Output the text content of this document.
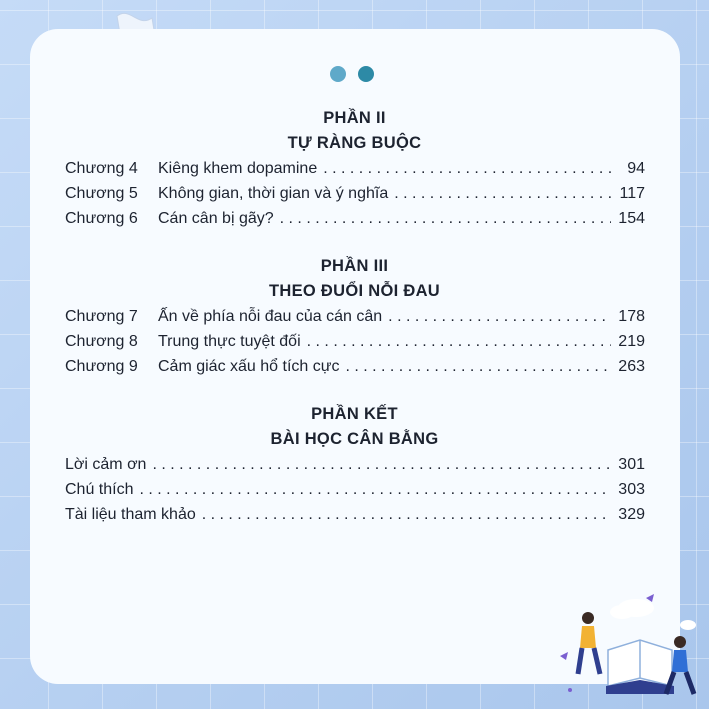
PHẦN II
TỰ RÀNG BUỘC
Chương 4	Kiêng khem dopamine . . .	94
Chương 5	Không gian, thời gian và ý nghĩa . . .	117
Chương 6	Cán cân bị gãy? . . .	154
PHẦN III
THEO ĐUỔI NỖI ĐAU
Chương 7	Ấn về phía nỗi đau của cán cân . . .	178
Chương 8	Trung thực tuyệt đối . . .	219
Chương 9	Cảm giác xấu hổ tích cực . . .	263
PHẦN KẾT
BÀI HỌC CÂN BẰNG
Lời cảm ơn . . .	301
Chú thích . . .	303
Tài liệu tham khảo . . .	329
